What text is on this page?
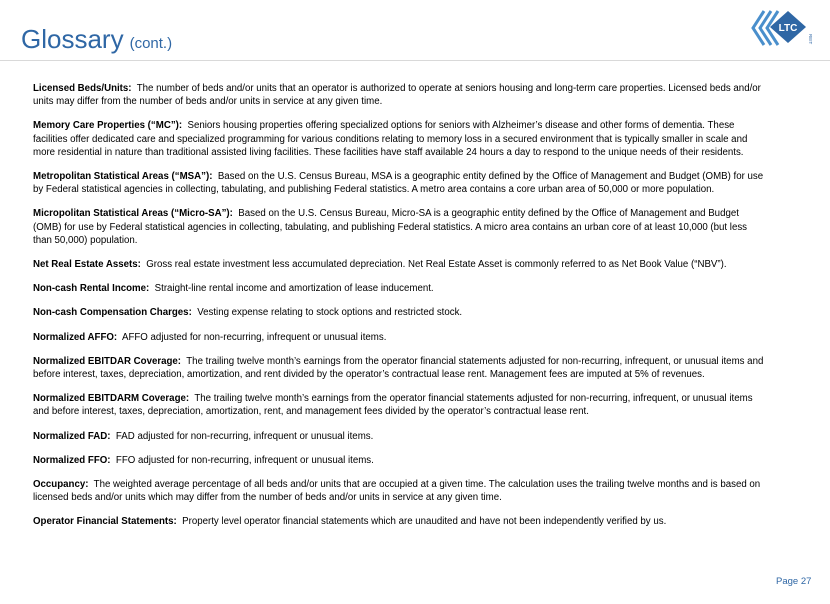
Glossary (cont.)
LTC
REIT

Licensed Beds/Units: The number of beds and/or units that an operator is authorized to operate at seniors housing and long-term care properties. Licensed beds and/or units may differ from the number of beds and/or units in service at any given time.

Memory Care Properties (“MC”): Seniors housing properties offering specialized options for seniors with Alzheimer’s disease and other forms of dementia. These facilities offer dedicated care and specialized programming for various conditions relating to memory loss in a secured environment that is typically smaller in scale and more residential in nature than traditional assisted living facilities. These facilities have staff available 24 hours a day to respond to the unique needs of their residents.

Metropolitan Statistical Areas (“MSA”): Based on the U.S. Census Bureau, MSA is a geographic entity defined by the Office of Management and Budget (OMB) for use by Federal statistical agencies in collecting, tabulating, and publishing Federal statistics. A metro area contains a core urban area of 50,000 or more population.

Micropolitan Statistical Areas (“Micro-SA”): Based on the U.S. Census Bureau, Micro-SA is a geographic entity defined by the Office of Management and Budget (OMB) for use by Federal statistical agencies in collecting, tabulating, and publishing Federal statistics. A micro area contains an urban core of at least 10,000 (but less than 50,000) population.

Net Real Estate Assets: Gross real estate investment less accumulated depreciation. Net Real Estate Asset is commonly referred to as Net Book Value (“NBV”).

Non-cash Rental Income: Straight-line rental income and amortization of lease inducement.

Non-cash Compensation Charges: Vesting expense relating to stock options and restricted stock.

Normalized AFFO: AFFO adjusted for non-recurring, infrequent or unusual items.

Normalized EBITDAR Coverage: The trailing twelve month’s earnings from the operator financial statements adjusted for non-recurring, infrequent, or unusual items and before interest, taxes, depreciation, amortization, and rent divided by the operator’s contractual lease rent. Management fees are imputed at 5% of revenues.

Normalized EBITDARM Coverage: The trailing twelve month’s earnings from the operator financial statements adjusted for non-recurring, infrequent, or unusual items and before interest, taxes, depreciation, amortization, rent, and management fees divided by the operator’s contractual lease rent.

Normalized FAD: FAD adjusted for non-recurring, infrequent or unusual items.

Normalized FFO: FFO adjusted for non-recurring, infrequent or unusual items.

Occupancy: The weighted average percentage of all beds and/or units that are occupied at a given time. The calculation uses the trailing twelve months and is based on licensed beds and/or units which may differ from the number of beds and/or units in service at any given time.

Operator Financial Statements: Property level operator financial statements which are unaudited and have not been independently verified by us.

Page 27
